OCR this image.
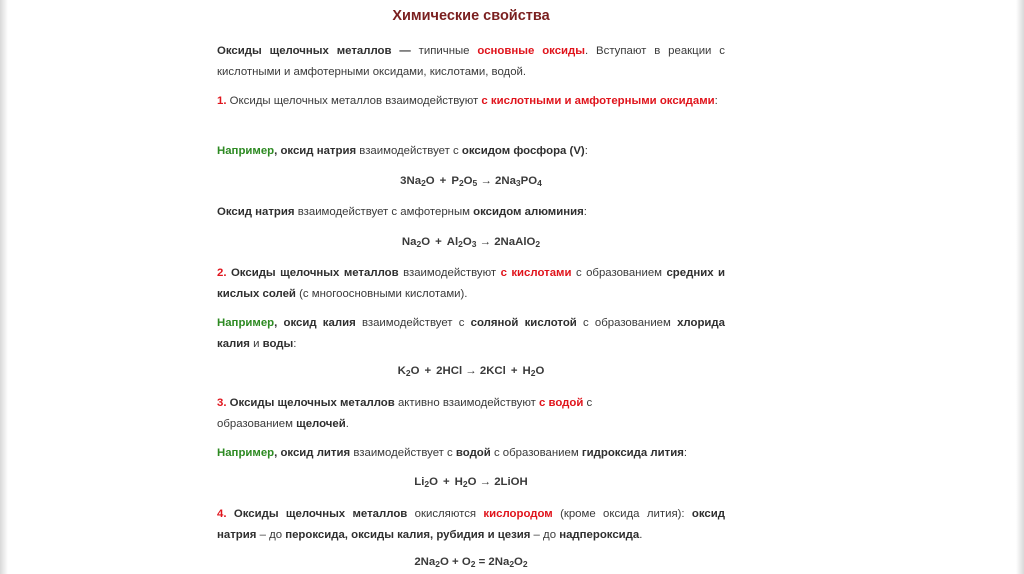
Химические свойства
Оксиды щелочных металлов — типичные основные оксиды. Вступают в реакции с кислотными и амфотерными оксидами, кислотами, водой.
1. Оксиды щелочных металлов взаимодействуют с кислотными и амфотерными оксидами:
Например, оксид натрия взаимодействует с оксидом фосфора (V):
$3Na_2O + P_2O_5 \to 2Na_3PO_4$
Оксид натрия взаимодействует с амфотерным оксидом алюминия:
$Na_2O + Al_2O_3$ → 2NaAlO$_2$
2. Оксиды щелочных металлов взаимодействуют с кислотами с образованием средних и кислых солей (с многоосновными кислотами).
Например, оксид калия взаимодействует с соляной кислотой с образованием хлорида калия и воды:
$K_2O + 2HCl \to 2KCl + H_2O$
3. Оксиды щелочных металлов активно взаимодействуют с водой с образованием щелочей.
Например, оксид лития взаимодействует с водой с образованием гидроксида лития:
$Li_2O + H_2O$ → 2LiOH
4. Оксиды щелочных металлов окисляются кислородом (кроме оксида лития): оксид натрия – до пероксида, оксиды калия, рубидия и цезия – до надпероксида.
$2Na_2O + O_2 = 2Na_2O_2$
